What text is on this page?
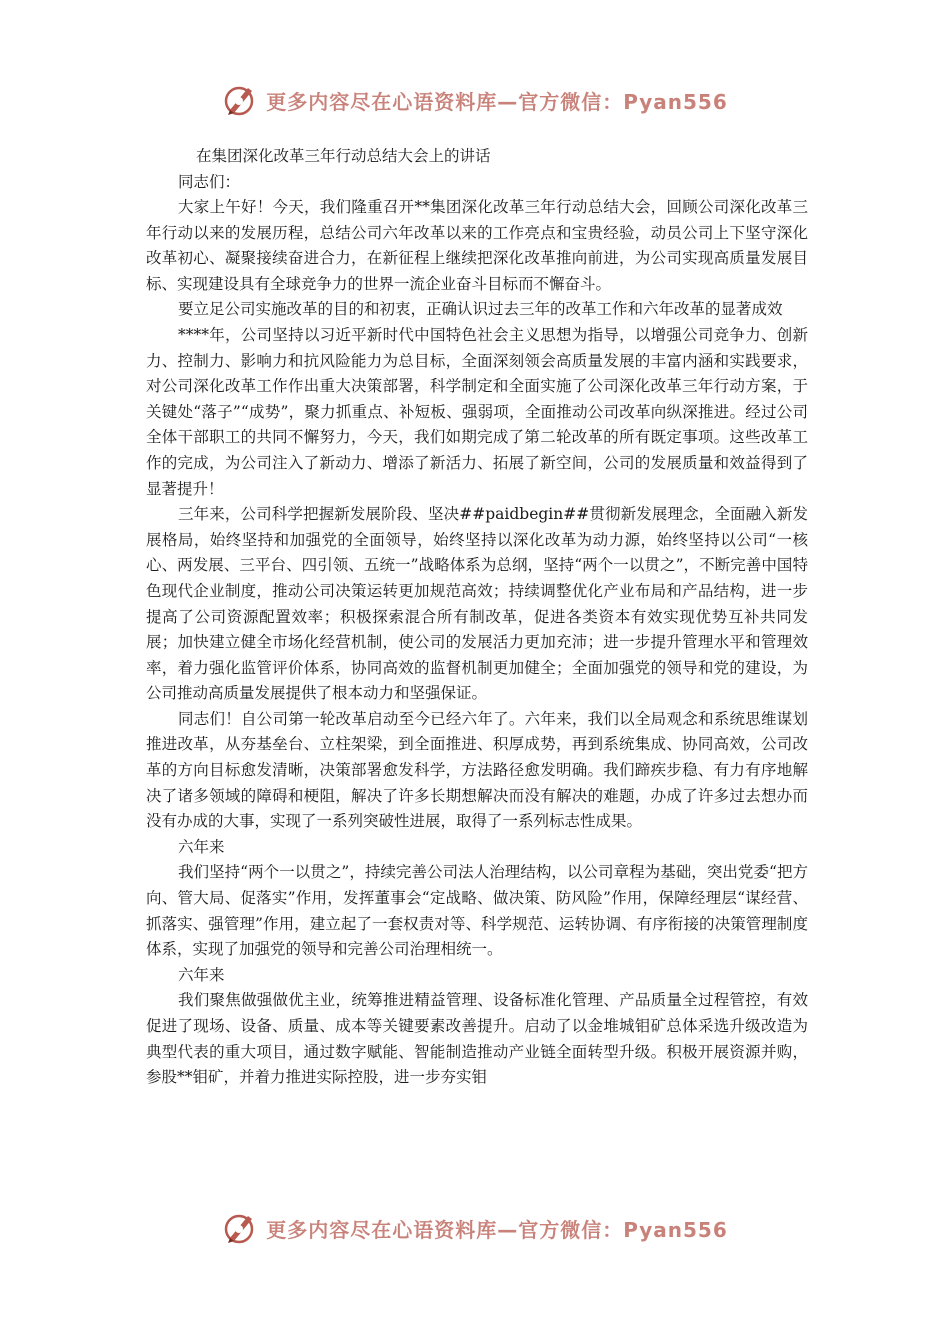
更多内容尽在心语资料库—官方微信：Pyan556

在集团深化改革三年行动总结大会上的讲话

同志们：

大家上午好！今天，我们隆重召开**集团深化改革三年行动总结大会，回顾公司深化改革三年行动以来的发展历程，总结公司六年改革以来的工作亮点和宝贵经验，动员公司上下坚守深化改革初心、凝聚接续奋进合力，在新征程上继续把深化改革推向前进，为公司实现高质量发展目标、实现建设具有全球竞争力的世界一流企业奋斗目标而不懈奋斗。

要立足公司实施改革的目的和初衷，正确认识过去三年的改革工作和六年改革的显著成效

****年，公司坚持以习近平新时代中国特色社会主义思想为指导，以增强公司竞争力、创新力、控制力、影响力和抗风险能力为总目标，全面深刻领会高质量发展的丰富内涵和实践要求，对公司深化改革工作作出重大决策部署，科学制定和全面实施了公司深化改革三年行动方案，于关键处“落子”“成势”，聚力抓重点、补短板、强弱项，全面推动公司改革向纵深推进。经过公司全体干部职工的共同不懈努力，今天，我们如期完成了第二轮改革的所有既定事项。这些改革工作的完成，为公司注入了新动力、增添了新活力、拓展了新空间，公司的发展质量和效益得到了显著提升！

三年来，公司科学把握新发展阶段、坚决##paidbegin##贯彻新发展理念，全面融入新发展格局，始终坚持和加强党的全面领导，始终坚持以深化改革为动力源，始终坚持以公司“一核心、两发展、三平台、四引领、五统一”战略体系为总纲，坚持“两个一以贯之”，不断完善中国特色现代企业制度，推动公司决策运转更加规范高效；持续调整优化产业布局和产品结构，进一步提高了公司资源配置效率；积极探索混合所有制改革，促进各类资本有效实现优势互补共同发展；加快建立健全市场化经营机制，使公司的发展活力更加充沛；进一步提升管理水平和管理效率，着力强化监管评价体系，协同高效的监督机制更加健全；全面加强党的领导和党的建设，为公司推动高质量发展提供了根本动力和坚强保证。

同志们！自公司第一轮改革启动至今已经六年了。六年来，我们以全局观念和系统思维谋划推进改革，从夯基垒台、立柱架梁，到全面推进、积厚成势，再到系统集成、协同高效，公司改革的方向目标愈发清晰，决策部署愈发科学，方法路径愈发明确。我们蹄疾步稳、有力有序地解决了诸多领域的障碍和梗阻，解决了许多长期想解决而没有解决的难题，办成了许多过去想办而没有办成的大事，实现了一系列突破性进展，取得了一系列标志性成果。

六年来

我们坚持“两个一以贯之”，持续完善公司法人治理结构，以公司章程为基础，突出党委“把方向、管大局、促落实”作用，发挥董事会“定战略、做决策、防风险”作用，保障经理层“谋经营、抓落实、强管理”作用，建立起了一套权责对等、科学规范、运转协调、有序衔接的决策管理制度体系，实现了加强党的领导和完善公司治理相统一。

六年来

我们聚焦做强做优主业，统筹推进精益管理、设备标准化管理、产品质量全过程管控，有效促进了现场、设备、质量、成本等关键要素改善提升。启动了以金堆城钼矿总体采选升级改造为典型代表的重大项目，通过数字赋能、智能制造推动产业链全面转型升级。积极开展资源并购，参股**钼矿，并着力推进实际控股，进一步夯实钼

更多内容尽在心语资料库—官方微信：Pyan556
